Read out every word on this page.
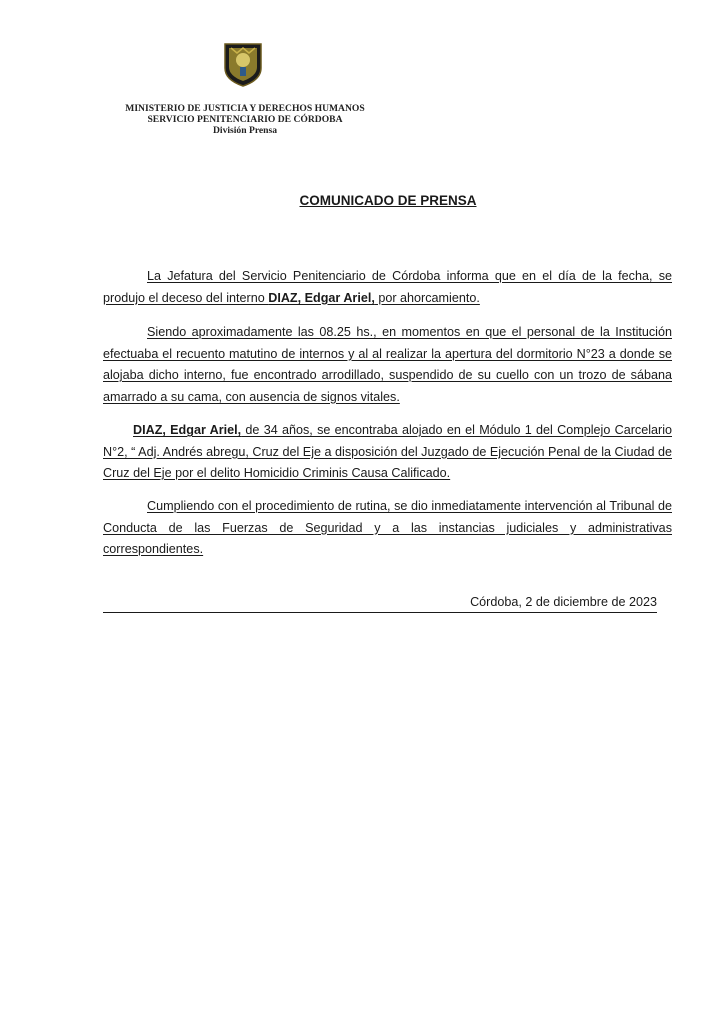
MINISTERIO DE JUSTICIA Y DERECHOS HUMANOS
SERVICIO PENITENCIARIO DE CÓRDOBA
División Prensa
COMUNICADO DE PRENSA
La Jefatura del Servicio Penitenciario de Córdoba informa que en el día de la fecha, se produjo el deceso del interno DIAZ, Edgar Ariel, por ahorcamiento.
Siendo aproximadamente las 08.25 hs., en momentos en que el personal de la Institución efectuaba el recuento matutino de internos y al al realizar la apertura del dormitorio N°23 a donde se alojaba dicho interno, fue encontrado arrodillado, suspendido de su cuello con un trozo de sábana amarrado a su cama, con ausencia de signos vitales.
DIAZ, Edgar Ariel, de 34 años, se encontraba alojado en el Módulo 1 del Complejo Carcelario N°2, “ Adj. Andrés abregu, Cruz del Eje a disposición del Juzgado de Ejecución Penal de la Ciudad de Cruz del Eje por el delito Homicidio Criminis Causa Calificado.
Cumpliendo con el procedimiento de rutina, se dio inmediatamente intervención al Tribunal de Conducta de las Fuerzas de Seguridad y a las instancias judiciales y administrativas correspondientes.
Córdoba, 2 de diciembre de 2023
